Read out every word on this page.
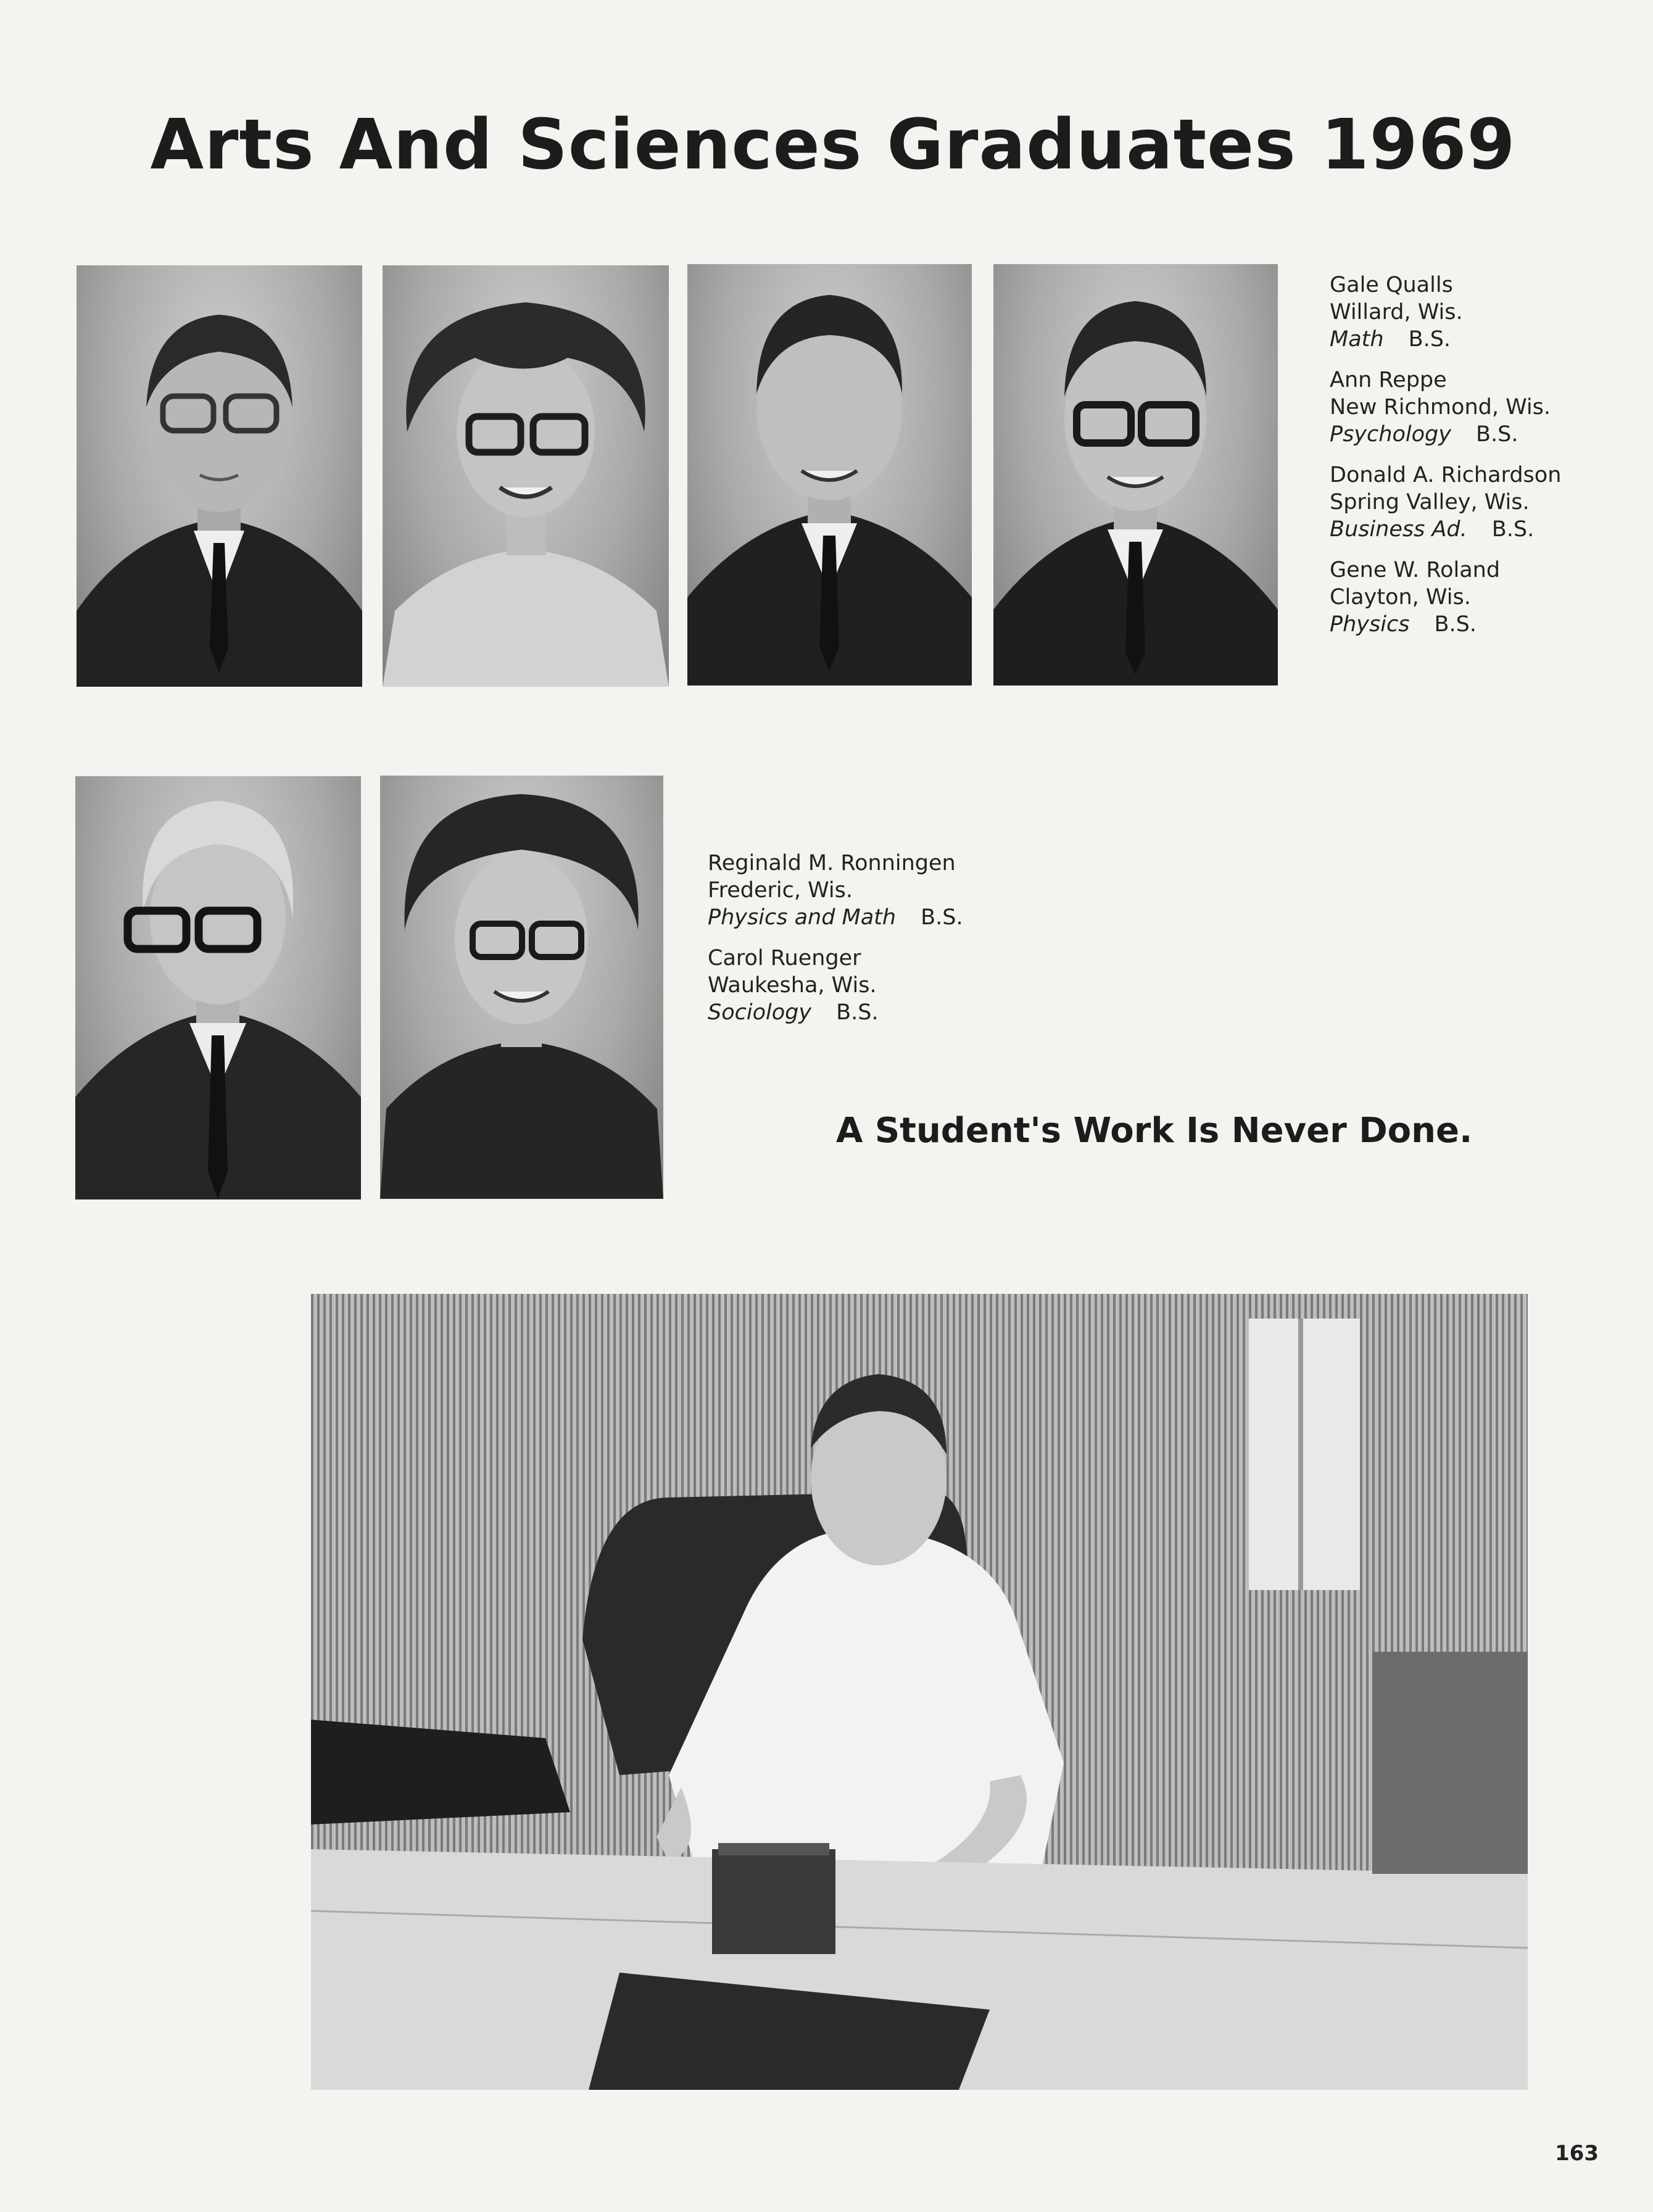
Arts And Sciences Graduates 1969
Gale Qualls
Willard, Wis.
Math B.S.
Ann Reppe
New Richmond, Wis.
Psychology B.S.
Donald A. Richardson
Spring Valley, Wis.
Business Ad. B.S.
Gene W. Roland
Clayton, Wis.
Physics B.S.
Reginald M. Ronningen
Frederic, Wis.
Physics and Math B.S.
Carol Ruenger
Waukesha, Wis.
Sociology B.S.
A Student's Work Is Never Done.
163
